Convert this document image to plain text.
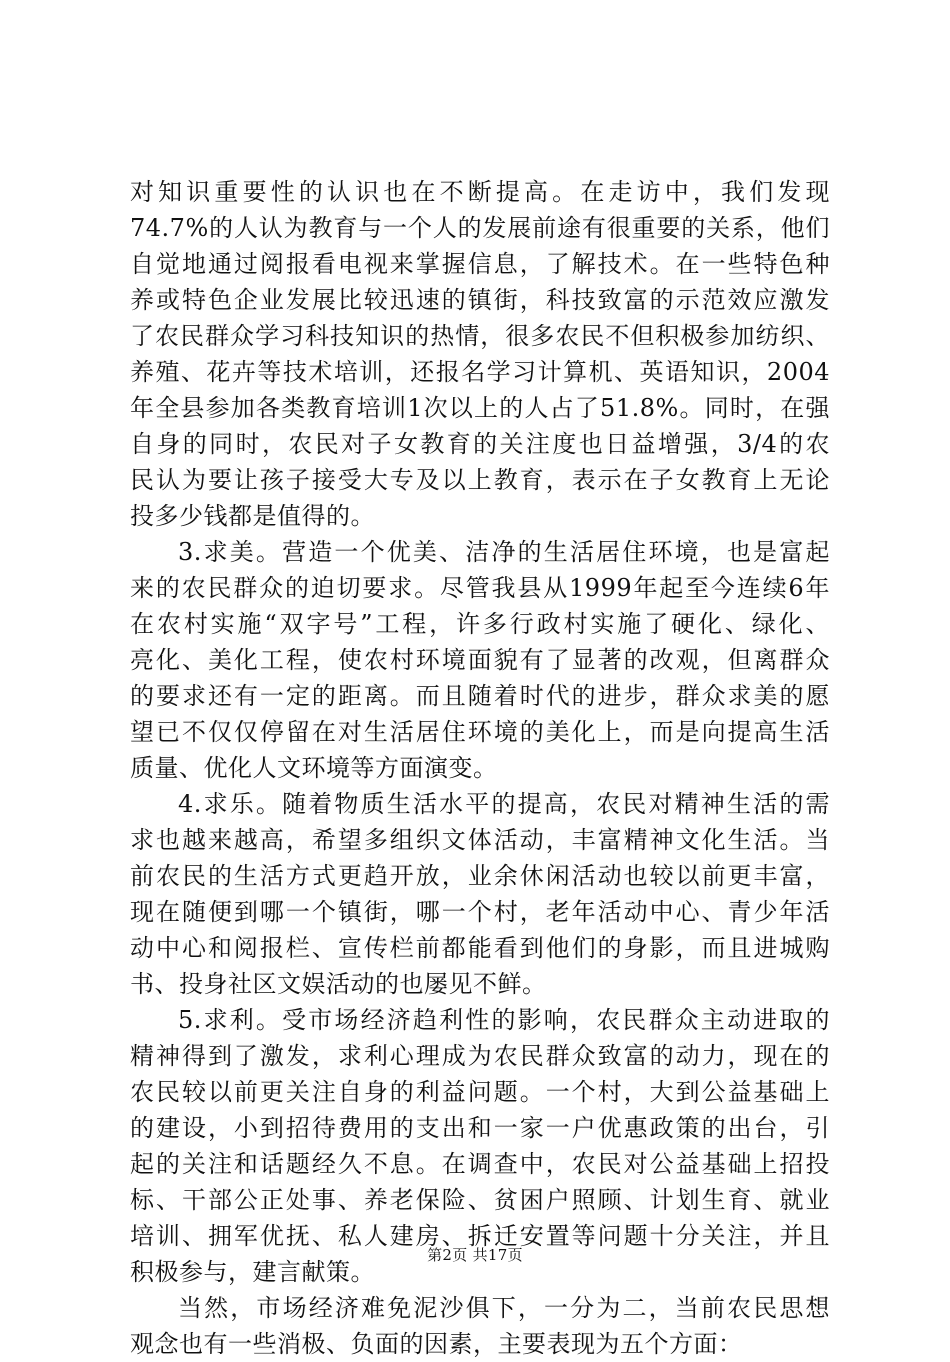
对知识重要性的认识也在不断提高。在走访中，我们发现
74.7%的人认为教育与一个人的发展前途有很重要的关系，他们
自觉地通过阅报看电视来掌握信息，了解技术。在一些特色种
养或特色企业发展比较迅速的镇街，科技致富的示范效应激发
了农民群众学习科技知识的热情，很多农民不但积极参加纺织、
养殖、花卉等技术培训，还报名学习计算机、英语知识，2004
年全县参加各类教育培训1次以上的人占了51.8%。同时，在强
自身的同时，农民对子女教育的关注度也日益增强，3/4的农
民认为要让孩子接受大专及以上教育，表示在子女教育上无论
投多少钱都是值得的。
3.求美。营造一个优美、洁净的生活居住环境，也是富起
来的农民群众的迫切要求。尽管我县从1999年起至今连续6年
在农村实施“双字号”工程，许多行政村实施了硬化、绿化、
亮化、美化工程，使农村环境面貌有了显著的改观，但离群众
的要求还有一定的距离。而且随着时代的进步，群众求美的愿
望已不仅仅停留在对生活居住环境的美化上，而是向提高生活
质量、优化人文环境等方面演变。
4.求乐。随着物质生活水平的提高，农民对精神生活的需
求也越来越高，希望多组织文体活动，丰富精神文化生活。当
前农民的生活方式更趋开放，业余休闲活动也较以前更丰富，
现在随便到哪一个镇街，哪一个村，老年活动中心、青少年活
动中心和阅报栏、宣传栏前都能看到他们的身影，而且进城购
书、投身社区文娱活动的也屡见不鲜。
5.求利。受市场经济趋利性的影响，农民群众主动进取的
精神得到了激发，求利心理成为农民群众致富的动力，现在的
农民较以前更关注自身的利益问题。一个村，大到公益基础上
的建设，小到招待费用的支出和一家一户优惠政策的出台，引
起的关注和话题经久不息。在调查中，农民对公益基础上招投
标、干部公正处事、养老保险、贫困户照顾、计划生育、就业
培训、拥军优抚、私人建房、拆迁安置等问题十分关注，并且
积极参与，建言献策。
当然，市场经济难免泥沙俱下，一分为二，当前农民思想
观念也有一些消极、负面的因素，主要表现为五个方面：
第2页 共17页
